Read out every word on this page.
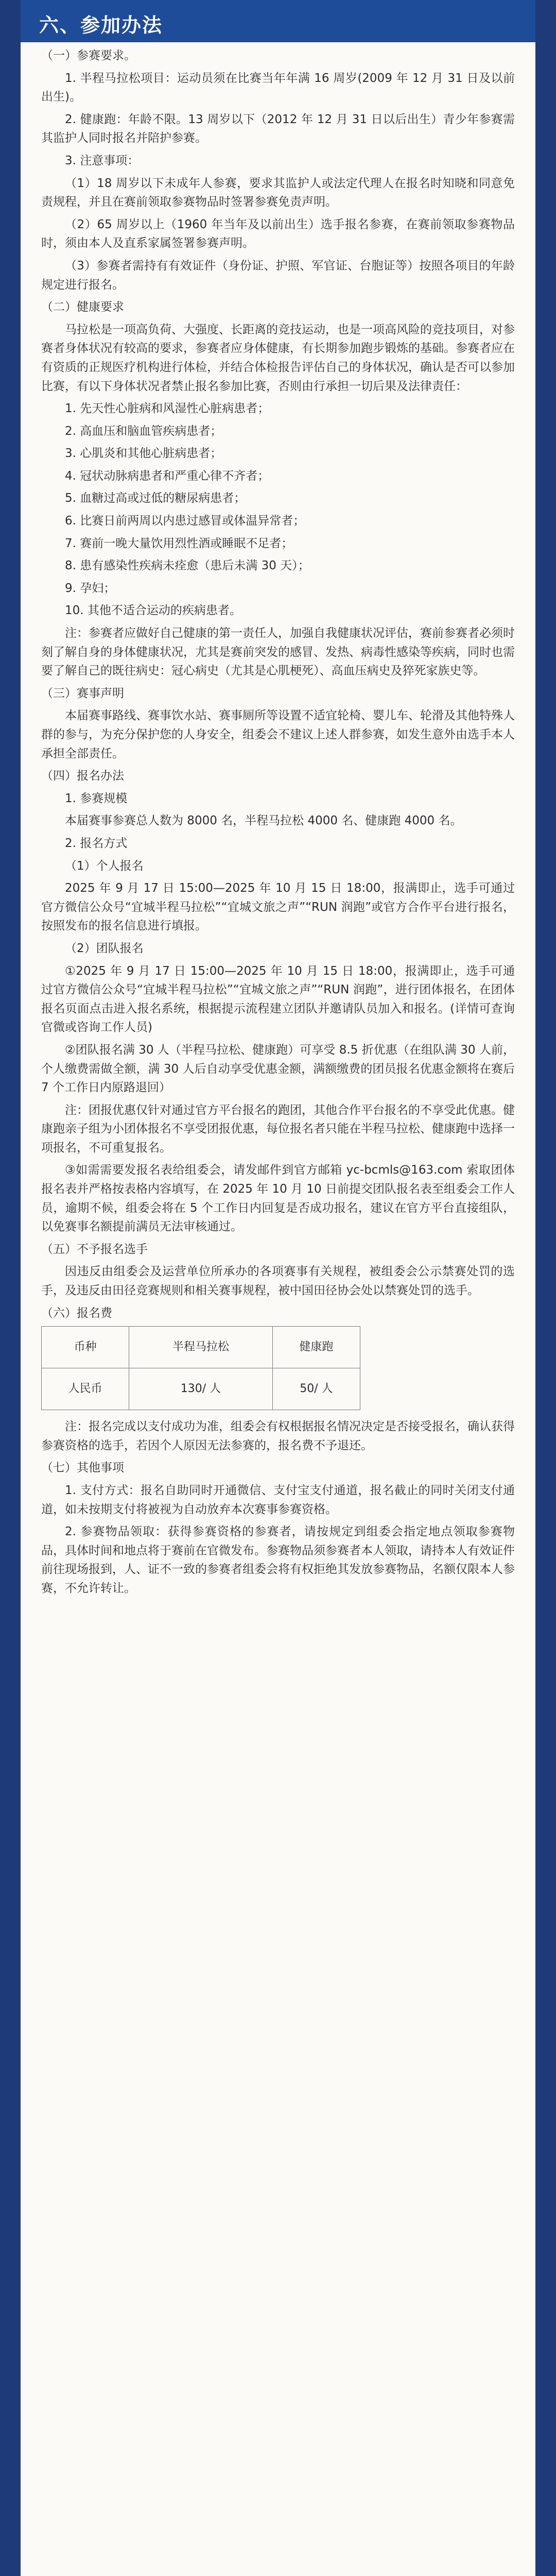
六、参加办法

（一）参赛要求。

1. 半程马拉松项目：运动员须在比赛当年年满 16 周岁(2009 年 12 月 31 日及以前出生)。

2. 健康跑：年龄不限。13 周岁以下（2012 年 12 月 31 日以后出生）青少年参赛需其监护人同时报名并陪护参赛。

3. 注意事项：

（1）18 周岁以下未成年人参赛，要求其监护人或法定代理人在报名时知晓和同意免责规程，并且在赛前领取参赛物品时签署参赛免责声明。

（2）65 周岁以上（1960 年当年及以前出生）选手报名参赛，在赛前领取参赛物品时，须由本人及直系家属签署参赛声明。

（3）参赛者需持有有效证件（身份证、护照、军官证、台胞证等）按照各项目的年龄规定进行报名。

（二）健康要求

马拉松是一项高负荷、大强度、长距离的竞技运动，也是一项高风险的竞技项目，对参赛者身体状况有较高的要求，参赛者应身体健康，有长期参加跑步锻炼的基础。参赛者应在有资质的正规医疗机构进行体检，并结合体检报告评估自己的身体状况，确认是否可以参加比赛，有以下身体状况者禁止报名参加比赛，否则由行承担一切后果及法律责任：

1. 先天性心脏病和风湿性心脏病患者；

2. 高血压和脑血管疾病患者；

3. 心肌炎和其他心脏病患者；

4. 冠状动脉病患者和严重心律不齐者；

5. 血糖过高或过低的糖尿病患者；

6. 比赛日前两周以内患过感冒或体温异常者；

7. 赛前一晚大量饮用烈性酒或睡眠不足者；

8. 患有感染性疾病未痊愈（患后未满 30 天）；

9. 孕妇；

10. 其他不适合运动的疾病患者。

注：参赛者应做好自己健康的第一责任人，加强自我健康状况评估，赛前参赛者必须时刻了解自身的身体健康状况，尤其是赛前突发的感冒、发热、病毒性感染等疾病，同时也需要了解自己的既往病史：冠心病史（尤其是心肌梗死）、高血压病史及猝死家族史等。

（三）赛事声明

本届赛事路线、赛事饮水站、赛事厕所等设置不适宜轮椅、婴儿车、轮滑及其他特殊人群的参与，为充分保护您的人身安全，组委会不建议上述人群参赛，如发生意外由选手本人承担全部责任。

（四）报名办法

1. 参赛规模

本届赛事参赛总人数为 8000 名，半程马拉松 4000 名、健康跑 4000 名。

2. 报名方式

（1）个人报名

2025 年 9 月 17 日 15:00—2025 年 10 月 15 日 18:00，报满即止，选手可通过官方微信公众号“宜城半程马拉松”“宜城文旅之声”“RUN 润跑”或官方合作平台进行报名，按照发布的报名信息进行填报。

（2）团队报名

①2025 年 9 月 17 日 15:00—2025 年 10 月 15 日 18:00，报满即止，选手可通过官方微信公众号“宜城半程马拉松”“宜城文旅之声”“RUN 润跑”，进行团体报名，在团体报名页面点击进入报名系统，根据提示流程建立团队并邀请队员加入和报名。(详情可查询官微或咨询工作人员)

②团队报名满 30 人（半程马拉松、健康跑）可享受 8.5 折优惠（在组队满 30 人前，个人缴费需做全额，满 30 人后自动享受优惠金额，满额缴费的团员报名优惠金额将在赛后 7 个工作日内原路退回）

注：团报优惠仅针对通过官方平台报名的跑团，其他合作平台报名的不享受此优惠。健康跑亲子组为小团体报名不享受团报优惠，每位报名者只能在半程马拉松、健康跑中选择一项报名，不可重复报名。

③如需需要发报名表给组委会，请发邮件到官方邮箱 yc-bcmls@163.com 索取团体报名表并严格按表格内容填写，在 2025 年 10 月 10 日前提交团队报名表至组委会工作人员，逾期不候，组委会将在 5 个工作日内回复是否成功报名，建议在官方平台直接组队，以免赛事名额提前满员无法审核通过。

（五）不予报名选手

因违反由组委会及运营单位所承办的各项赛事有关规程，被组委会公示禁赛处罚的选手，及违反由田径竞赛规则和相关赛事规程，被中国田径协会处以禁赛处罚的选手。

（六）报名费

币种	半程马拉松	健康跑
人民币	130/ 人	50/ 人

注：报名完成以支付成功为准，组委会有权根据报名情况决定是否接受报名，确认获得参赛资格的选手，若因个人原因无法参赛的，报名费不予退还。

（七）其他事项

1. 支付方式：报名自助同时开通微信、支付宝支付通道，报名截止的同时关闭支付通道，如未按期支付将被视为自动放弃本次赛事参赛资格。

2. 参赛物品领取：获得参赛资格的参赛者，请按规定到组委会指定地点领取参赛物品，具体时间和地点将于赛前在官微发布。参赛物品须参赛者本人领取，请持本人有效证件前往现场报到，人、证不一致的参赛者组委会将有权拒绝其发放参赛物品，名额仅限本人参赛，不允许转让。
